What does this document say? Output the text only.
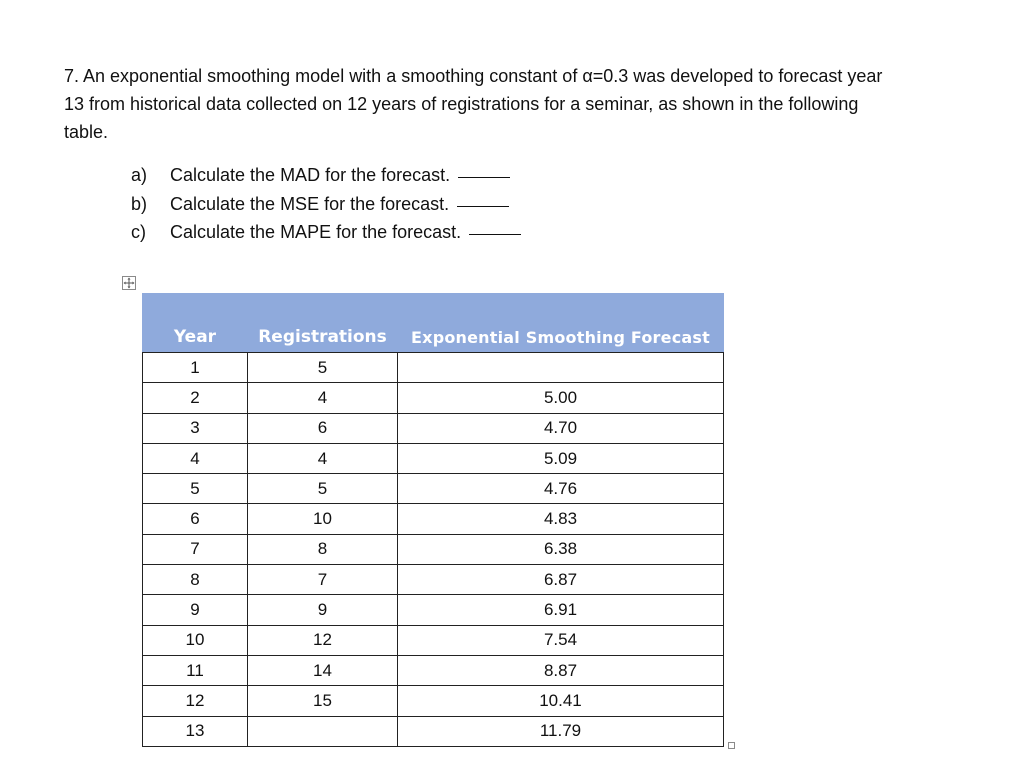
7. An exponential smoothing model with a smoothing constant of α=0.3 was developed to forecast year
13 from historical data collected on 12 years of registrations for a seminar, as shown in the following
table.

a)	Calculate the MAD for the forecast.
b)	Calculate the MSE for the forecast.
c)	Calculate the MAPE for the forecast.
Year	Registrations	Exponential Smoothing Forecast
1	5	
2	4	5.00
3	6	4.70
4	4	5.09
5	5	4.76
6	10	4.83
7	8	6.38
8	7	6.87
9	9	6.91
10	12	7.54
11	14	8.87
12	15	10.41
13		11.79
